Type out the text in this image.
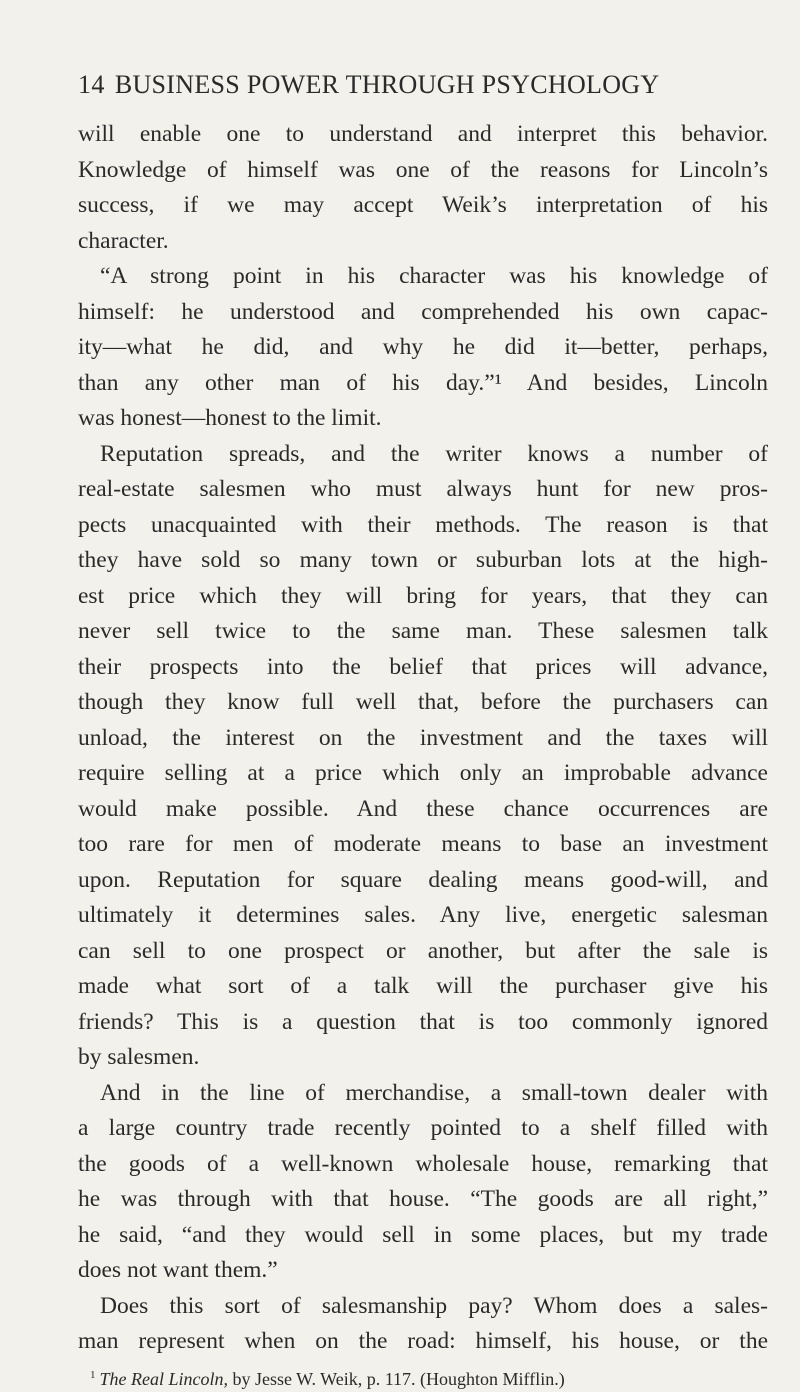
14 BUSINESS POWER THROUGH PSYCHOLOGY
will enable one to understand and interpret this behavior.
Knowledge of himself was one of the reasons for Lincoln’s
success, if we may accept Weik’s interpretation of his
character.
“A strong point in his character was his knowledge of
himself: he understood and comprehended his own capac-
ity—what he did, and why he did it—better, perhaps,
than any other man of his day.”¹ And besides, Lincoln
was honest—honest to the limit.
Reputation spreads, and the writer knows a number of
real-estate salesmen who must always hunt for new pros-
pects unacquainted with their methods. The reason is that
they have sold so many town or suburban lots at the high-
est price which they will bring for years, that they can
never sell twice to the same man. These salesmen talk
their prospects into the belief that prices will advance,
though they know full well that, before the purchasers can
unload, the interest on the investment and the taxes will
require selling at a price which only an improbable advance
would make possible. And these chance occurrences are
too rare for men of moderate means to base an investment
upon. Reputation for square dealing means good-will, and
ultimately it determines sales. Any live, energetic salesman
can sell to one prospect or another, but after the sale is
made what sort of a talk will the purchaser give his
friends? This is a question that is too commonly ignored
by salesmen.
And in the line of merchandise, a small-town dealer with
a large country trade recently pointed to a shelf filled with
the goods of a well-known wholesale house, remarking that
he was through with that house. “The goods are all right,”
he said, “and they would sell in some places, but my trade
does not want them.”
Does this sort of salesmanship pay? Whom does a sales-
man represent when on the road: himself, his house, or the
$^1$ The Real Lincoln, by Jesse W. Weik, p. 117. (Houghton Mifflin.)
